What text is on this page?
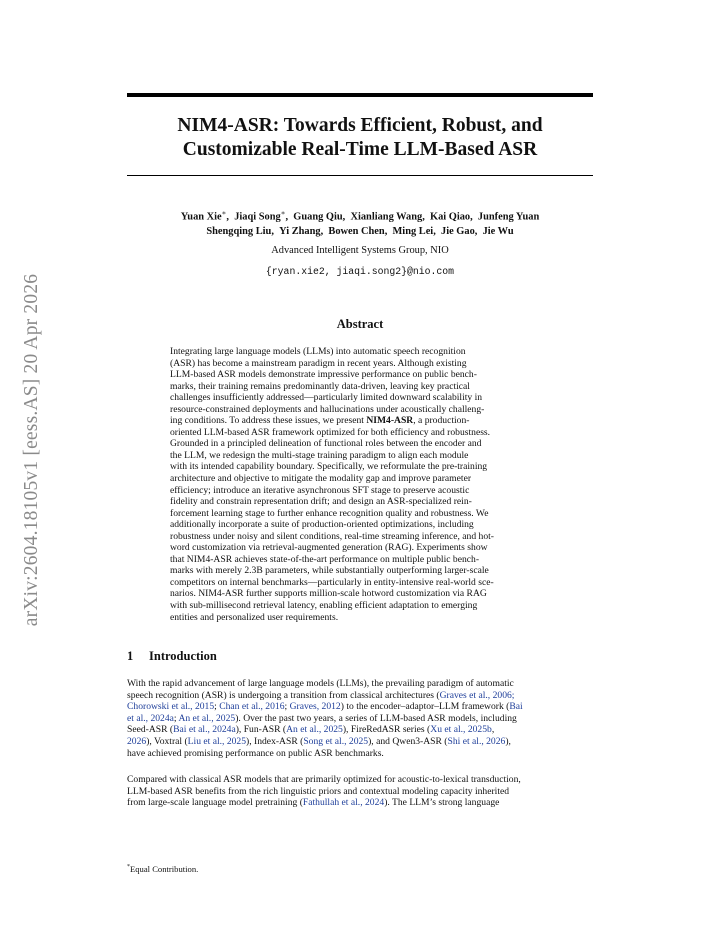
arXiv:2604.18105v1 [eess.AS] 20 Apr 2026
NIM4-ASR: Towards Efficient, Robust, and
Customizable Real-Time LLM-Based ASR
Yuan Xie∗, Jiaqi Song∗, Guang Qiu, Xianliang Wang, Kai Qiao, Junfeng Yuan
Shengqing Liu, Yi Zhang, Bowen Chen, Ming Lei, Jie Gao, Jie Wu
Advanced Intelligent Systems Group, NIO
{ryan.xie2, jiaqi.song2}@nio.com
Abstract
Integrating large language models (LLMs) into automatic speech recognition
(ASR) has become a mainstream paradigm in recent years. Although existing
LLM-based ASR models demonstrate impressive performance on public bench-
marks, their training remains predominantly data-driven, leaving key practical
challenges insufficiently addressed—particularly limited downward scalability in
resource-constrained deployments and hallucinations under acoustically challeng-
ing conditions. To address these issues, we present NIM4-ASR, a production-
oriented LLM-based ASR framework optimized for both efficiency and robustness.
Grounded in a principled delineation of functional roles between the encoder and
the LLM, we redesign the multi-stage training paradigm to align each module
with its intended capability boundary. Specifically, we reformulate the pre-training
architecture and objective to mitigate the modality gap and improve parameter
efficiency; introduce an iterative asynchronous SFT stage to preserve acoustic
fidelity and constrain representation drift; and design an ASR-specialized rein-
forcement learning stage to further enhance recognition quality and robustness. We
additionally incorporate a suite of production-oriented optimizations, including
robustness under noisy and silent conditions, real-time streaming inference, and hot-
word customization via retrieval-augmented generation (RAG). Experiments show
that NIM4-ASR achieves state-of-the-art performance on multiple public bench-
marks with merely 2.3B parameters, while substantially outperforming larger-scale
competitors on internal benchmarks—particularly in entity-intensive real-world sce-
narios. NIM4-ASR further supports million-scale hotword customization via RAG
with sub-millisecond retrieval latency, enabling efficient adaptation to emerging
entities and personalized user requirements.
1 Introduction
With the rapid advancement of large language models (LLMs), the prevailing paradigm of automatic
speech recognition (ASR) is undergoing a transition from classical architectures (Graves et al., 2006;
Chorowski et al., 2015; Chan et al., 2016; Graves, 2012) to the encoder–adaptor–LLM framework (Bai
et al., 2024a; An et al., 2025). Over the past two years, a series of LLM-based ASR models, including
Seed-ASR (Bai et al., 2024a), Fun-ASR (An et al., 2025), FireRedASR series (Xu et al., 2025b,
2026), Voxtral (Liu et al., 2025), Index-ASR (Song et al., 2025), and Qwen3-ASR (Shi et al., 2026),
have achieved promising performance on public ASR benchmarks.
Compared with classical ASR models that are primarily optimized for acoustic-to-lexical transduction,
LLM-based ASR benefits from the rich linguistic priors and contextual modeling capacity inherited
from large-scale language model pretraining (Fathullah et al., 2024). The LLM’s strong language
*Equal Contribution.
